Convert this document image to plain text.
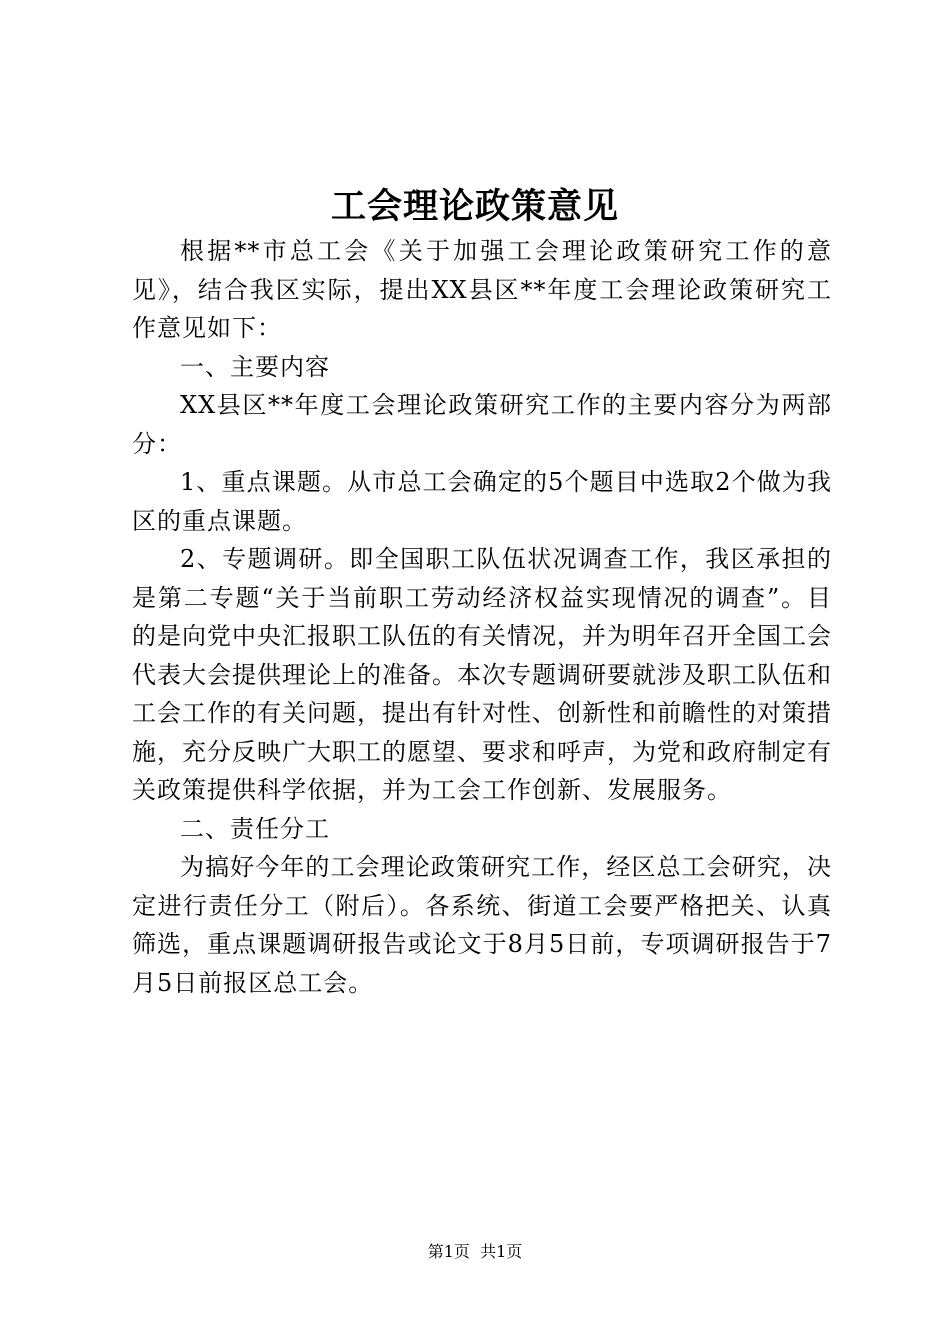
工会理论政策意见

根据**市总工会《关于加强工会理论政策研究工作的意见》，结合我区实际，提出XX县区**年度工会理论政策研究工作意见如下：

一、主要内容

XX县区**年度工会理论政策研究工作的主要内容分为两部分：

1、重点课题。从市总工会确定的5个题目中选取2个做为我区的重点课题。

2、专题调研。即全国职工队伍状况调查工作，我区承担的是第二专题“关于当前职工劳动经济权益实现情况的调查”。目的是向党中央汇报职工队伍的有关情况，并为明年召开全国工会代表大会提供理论上的准备。本次专题调研要就涉及职工队伍和工会工作的有关问题，提出有针对性、创新性和前瞻性的对策措施，充分反映广大职工的愿望、要求和呼声，为党和政府制定有关政策提供科学依据，并为工会工作创新、发展服务。

二、责任分工

为搞好今年的工会理论政策研究工作，经区总工会研究，决定进行责任分工（附后）。各系统、街道工会要严格把关、认真筛选，重点课题调研报告或论文于8月5日前，专项调研报告于7月5日前报区总工会。

第1页  共1页
